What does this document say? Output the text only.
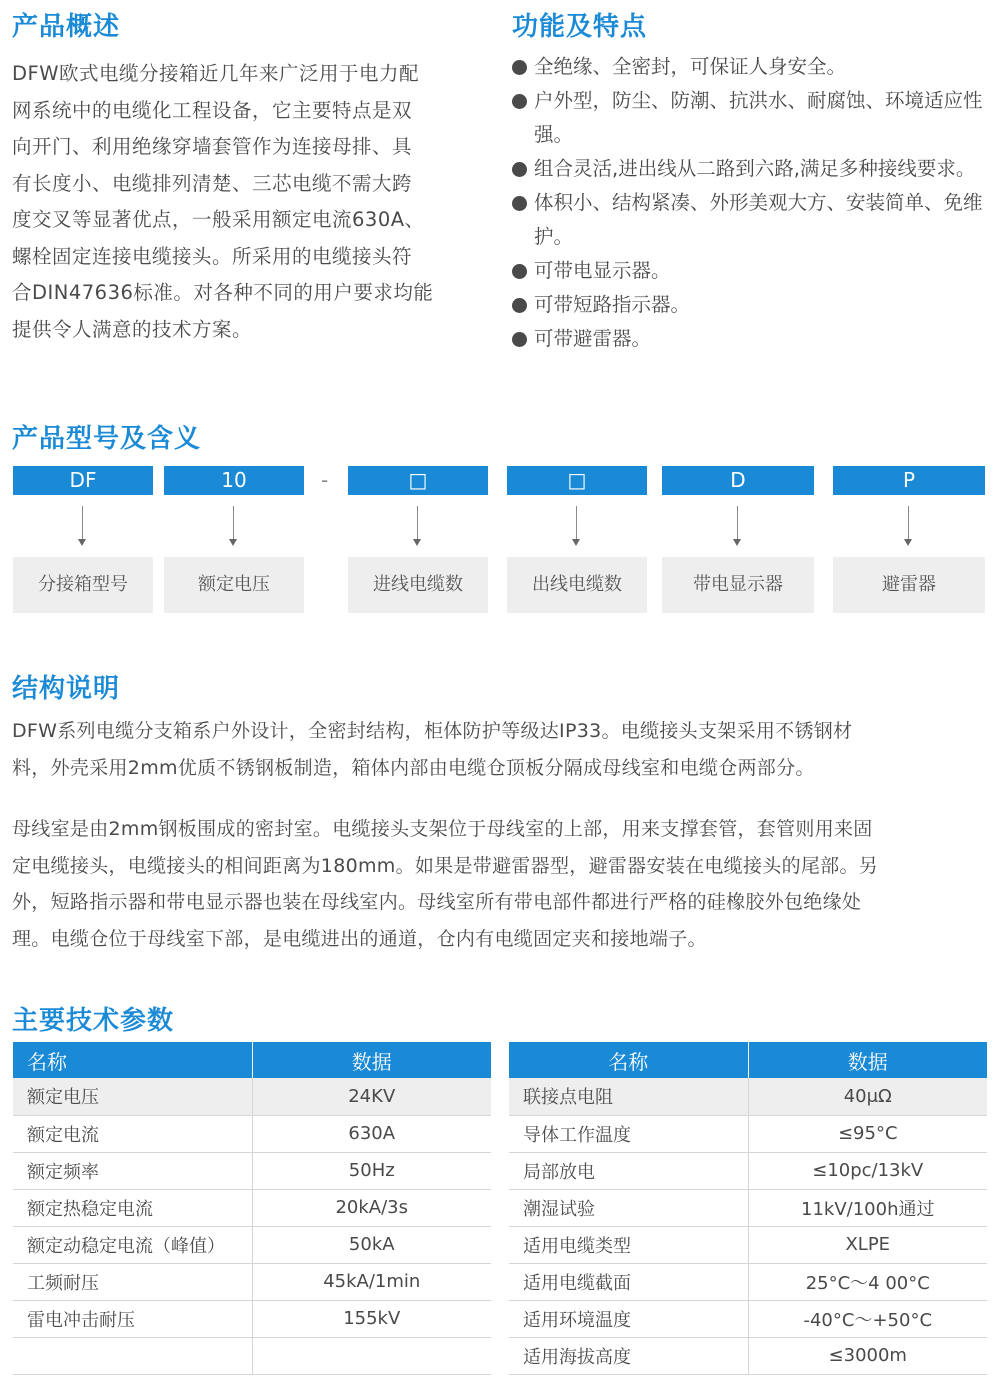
产品概述
DFW欧式电缆分接箱近几年来广泛用于电力配
网系统中的电缆化工程设备，它主要特点是双
向开门、利用绝缘穿墙套管作为连接母排、具
有长度小、电缆排列清楚、三芯电缆不需大跨
度交叉等显著优点，一般采用额定电流630A、
螺栓固定连接电缆接头。所采用的电缆接头符
合DIN47636标准。对各种不同的用户要求均能
提供令人满意的技术方案。
功能及特点
全绝缘、全密封，可保证人身安全。
户外型，防尘、防潮、抗洪水、耐腐蚀、环境适应性强。
组合灵活,进出线从二路到六路,满足多种接线要求。
体积小、结构紧凑、外形美观大方、安装简单、免维护。
可带电显示器。
可带短路指示器。
可带避雷器。
产品型号及含义
DF	10	-	□	□	D	P
分接箱型号	额定电压	进线电缆数	出线电缆数	带电显示器	避雷器
结构说明
DFW系列电缆分支箱系户外设计，全密封结构，柜体防护等级达IP33。电缆接头支架采用不锈钢材
料，外壳采用2mm优质不锈钢板制造，箱体内部由电缆仓顶板分隔成母线室和电缆仓两部分。
母线室是由2mm钢板围成的密封室。电缆接头支架位于母线室的上部，用来支撑套管，套管则用来固
定电缆接头，电缆接头的相间距离为180mm。如果是带避雷器型，避雷器安装在电缆接头的尾部。另
外，短路指示器和带电显示器也装在母线室内。母线室所有带电部件都进行严格的硅橡胶外包绝缘处
理。电缆仓位于母线室下部，是电缆进出的通道，仓内有电缆固定夹和接地端子。
主要技术参数
名称	数据
额定电压	24KV
额定电流	630A
额定频率	50Hz
额定热稳定电流	20kA/3s
额定动稳定电流（峰值）	50kA
工频耐压	45kA/1min
雷电冲击耐压	155kV

名称	数据
联接点电阻	40μΩ
导体工作温度	≤95°C
局部放电	≤10pc/13kV
潮湿试验	11kV/100h通过
适用电缆类型	XLPE
适用电缆截面	25°C～4 00°C
适用环境温度	-40°C～+50°C
适用海拔高度	≤3000m
